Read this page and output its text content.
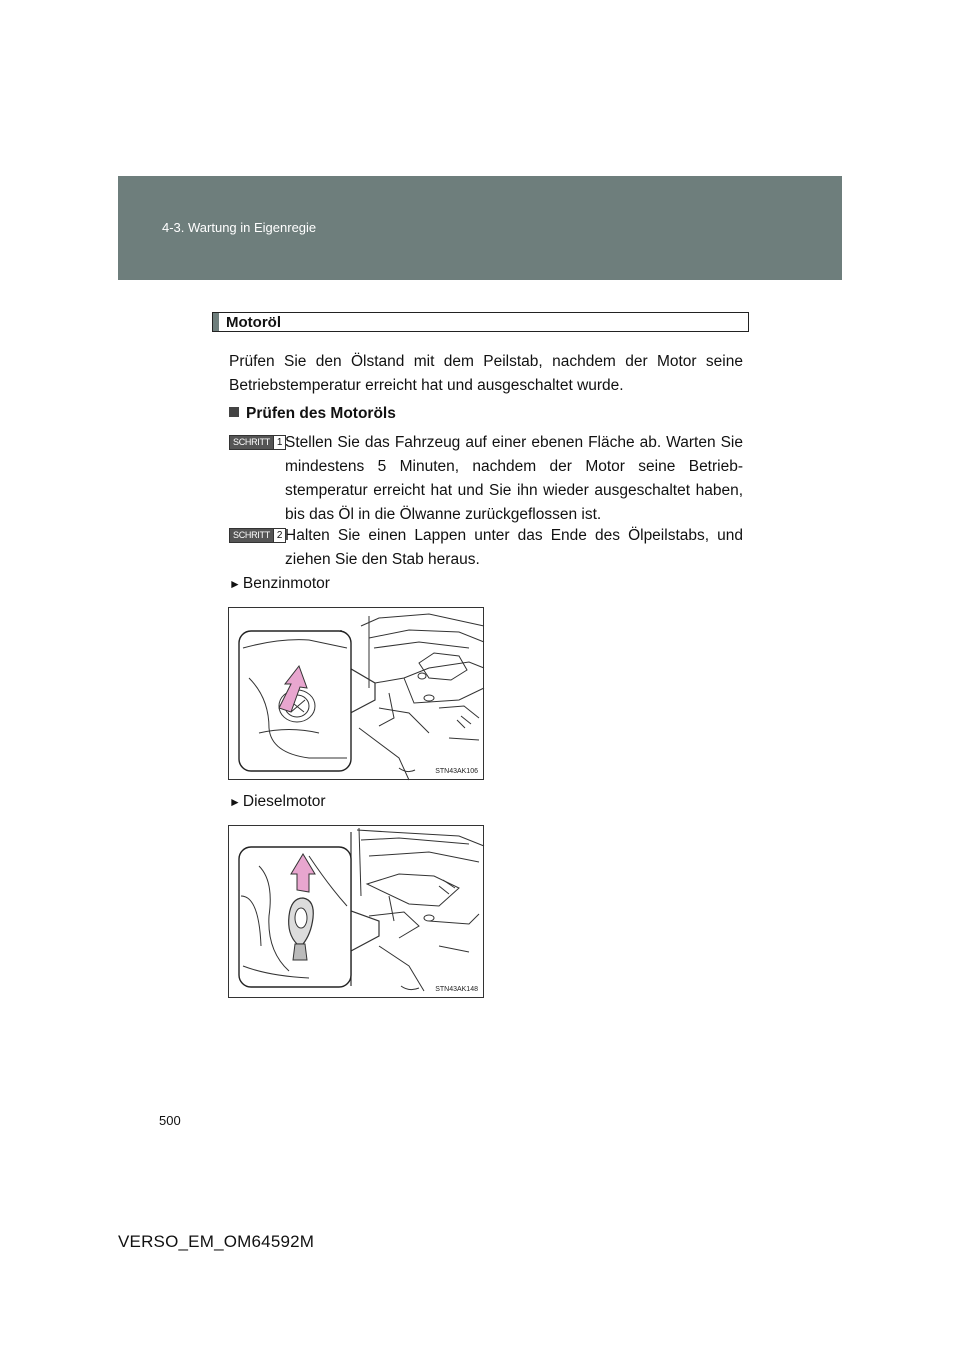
4-3. Wartung in Eigenregie
Motoröl
Prüfen Sie den Ölstand mit dem Peilstab, nachdem der Motor seine Betriebstemperatur erreicht hat und ausgeschaltet wurde.
Prüfen des Motoröls
SCHRITT 1 Stellen Sie das Fahrzeug auf einer ebenen Fläche ab. Warten Sie mindestens 5 Minuten, nachdem der Motor seine Betrieb-stemperatur erreicht hat und Sie ihn wieder ausgeschaltet haben, bis das Öl in die Ölwanne zurückgeflossen ist.
SCHRITT 2 Halten Sie einen Lappen unter das Ende des Ölpeilstabs, und ziehen Sie den Stab heraus.
► Benzinmotor
STN43AK106
► Dieselmotor
STN43AK148
500
VERSO_EM_OM64592M
